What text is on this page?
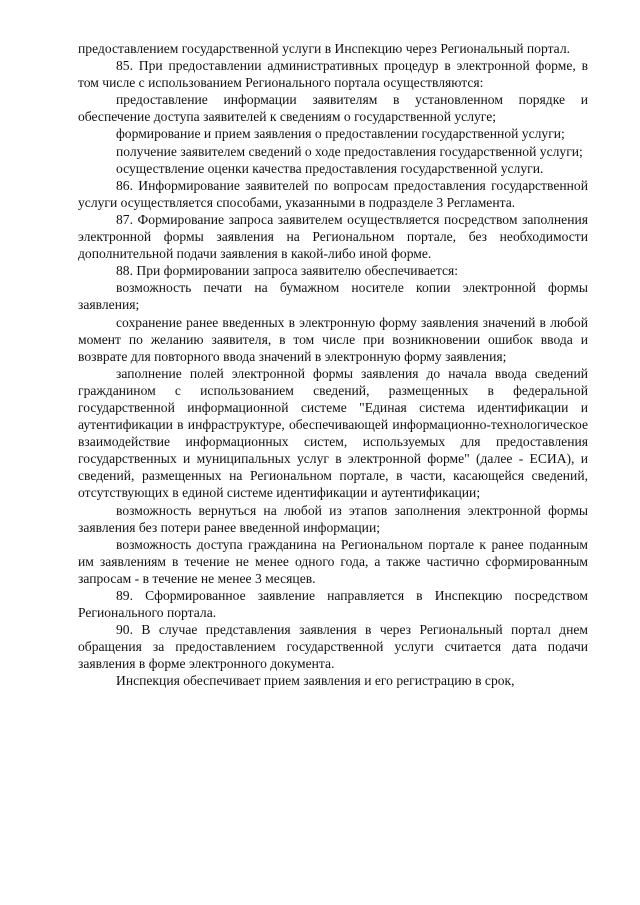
предоставлением государственной услуги в Инспекцию через Региональный портал.

85. При предоставлении административных процедур в электронной форме, в том числе с использованием Регионального портала осуществляются:

предоставление информации заявителям в установленном порядке и обеспечение доступа заявителей к сведениям о государственной услуге;

формирование и прием заявления о предоставлении государственной услуги;

получение заявителем сведений о ходе предоставления государственной услуги;

осуществление оценки качества предоставления государственной услуги.

86. Информирование заявителей по вопросам предоставления государственной услуги осуществляется способами, указанными в подразделе 3 Регламента.

87. Формирование запроса заявителем осуществляется посредством заполнения электронной формы заявления на Региональном портале, без необходимости дополнительной подачи заявления в какой-либо иной форме.

88. При формировании запроса заявителю обеспечивается:

возможность печати на бумажном носителе копии электронной формы заявления;

сохранение ранее введенных в электронную форму заявления значений в любой момент по желанию заявителя, в том числе при возникновении ошибок ввода и возврате для повторного ввода значений в электронную форму заявления;

заполнение полей электронной формы заявления до начала ввода сведений гражданином с использованием сведений, размещенных в федеральной государственной информационной системе "Единая система идентификации и аутентификации в инфраструктуре, обеспечивающей информационно-технологическое взаимодействие информационных систем, используемых для предоставления государственных и муниципальных услуг в электронной форме" (далее - ЕСИА), и сведений, размещенных на Региональном портале, в части, касающейся сведений, отсутствующих в единой системе идентификации и аутентификации;

возможность вернуться на любой из этапов заполнения электронной формы заявления без потери ранее введенной информации;

возможность доступа гражданина на Региональном портале к ранее поданным им заявлениям в течение не менее одного года, а также частично сформированным запросам - в течение не менее 3 месяцев.

89. Сформированное заявление направляется в Инспекцию посредством Регионального портала.

90. В случае представления заявления в через Региональный портал днем обращения за предоставлением государственной услуги считается дата подачи заявления в форме электронного документа.

Инспекция обеспечивает прием заявления и его регистрацию в срок,
